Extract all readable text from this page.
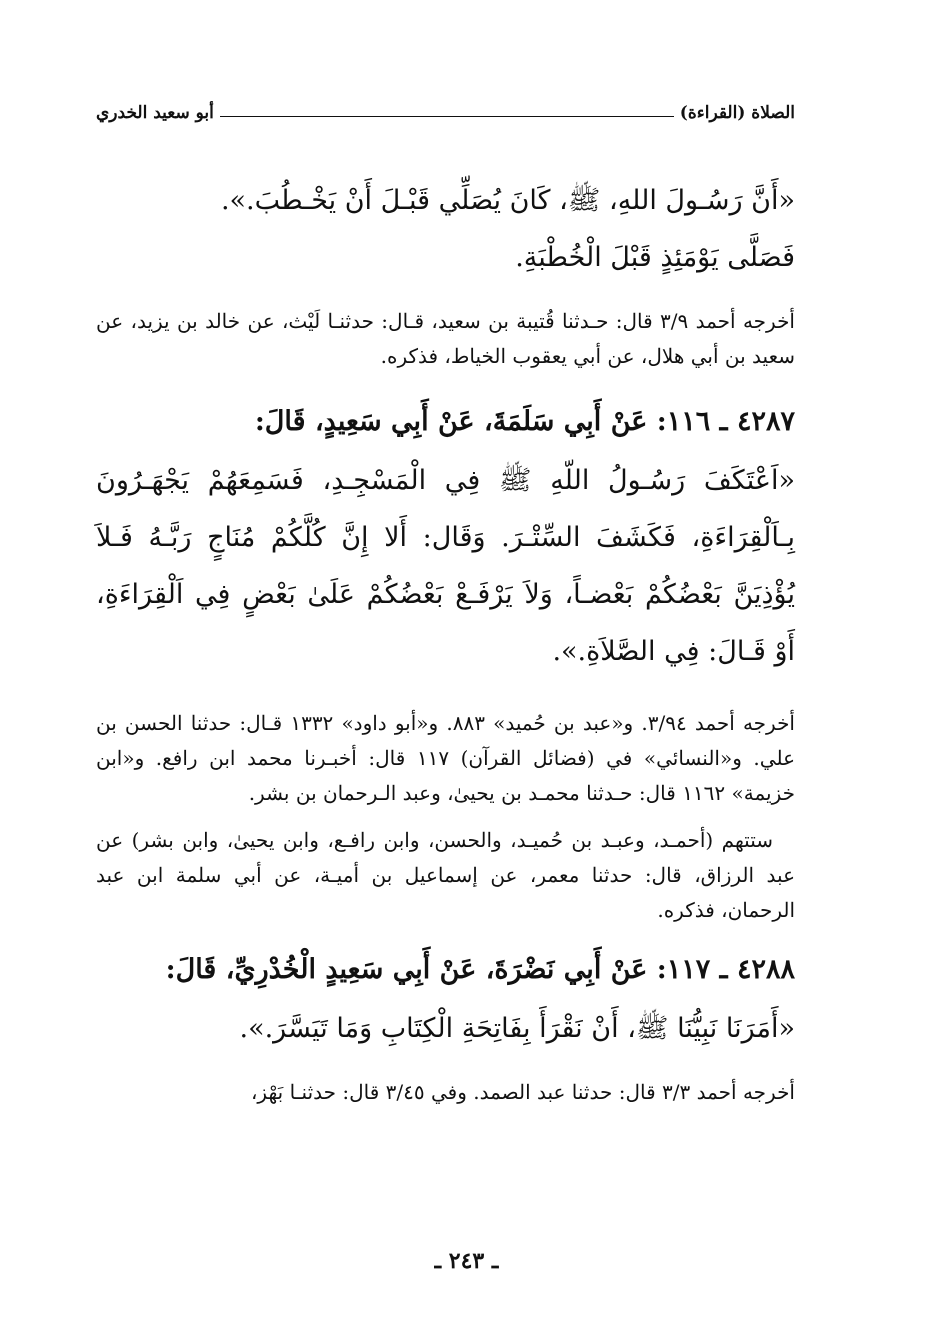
الصلاة (القراءة)
أبو سعيد الخدري
«أَنَّ رَسُـولَ اللهِ، ﷺ، كَانَ يُصَلِّي قَبْـلَ أَنْ يَخْـطُبَ.».
فَصَلَّى يَوْمَئِذٍ قَبْلَ الْخُطْبَةِ.

أخرجه أحمد ٣/٩ قال: حـدثنا قُتيبة بن سعيد، قـال: حدثنـا لَيْث، عن خالد بن يزيد، عن سعيد بن أبي هلال، عن أبي يعقوب الخياط، فذكره.

٤٢٨٧ ـ ١١٦: عَنْ أَبِي سَلَمَةَ، عَنْ أَبِي سَعِيدٍ، قَالَ:
«اَعْتَكَفَ رَسُـولُ اللّهِ ﷺ فِي الْمَسْجِـدِ، فَسَمِعَهُمْ يَجْهَـرُونَ بِـاَلْقِرَاءَةِ، فَكَشَفَ السِّتْـرَ. وَقَال: أَلا إِنَّ كُلَّكُمْ مُنَاجٍ رَبَّـهُ فَـلاَ يُؤْذِيَنَّ بَعْضُكُمْ بَعْضـاً، وَلاَ يَرْفَـعْ بَعْضُكُمْ عَلَىٰ بَعْضٍ فِي اَلْقِرَاءَةِ، أَوْ قَـالَ: فِي الصَّلاَةِ.».

أخرجه أحمد ٣/٩٤. و«عبد بن حُميد» ٨٨٣. و«أبو داود» ١٣٣٢ قـال: حدثنا الحسن بن علي. و«النسائي» في (فضائل القرآن) ١١٧ قال: أخبـرنا محمد ابن رافع. و«ابن خزيمة» ١١٦٢ قال: حـدثنا محمـد بن يحيىٰ، وعبد الـرحمان بن بشر.

ستتهم (أحمـد، وعبـد بن حُميـد، والحسن، وابن رافـع، وابن يحيىٰ، وابن بشر) عن عبد الرزاق، قال: حدثنا معمر، عن إسماعيل بن أميـة، عن أبي سلمة ابن عبد الرحمان، فذكره.

٤٢٨٨ ـ ١١٧: عَنْ أَبِي نَضْرَةَ، عَنْ أَبِي سَعِيدٍ الْخُدْرِيِّ، قَالَ:
«أَمَرَنَا نَبِيُّنَا ﷺ، أَنْ نَقْرَأَ بِفَاتِحَةِ الْكِتَابِ وَمَا تَيَسَّرَ.».

أخرجه أحمد ٣/٣ قال: حدثنا عبد الصمد. وفي ٣/٤٥ قال: حدثنـا بَهْز،

ـ ٢٤٣ ـ
